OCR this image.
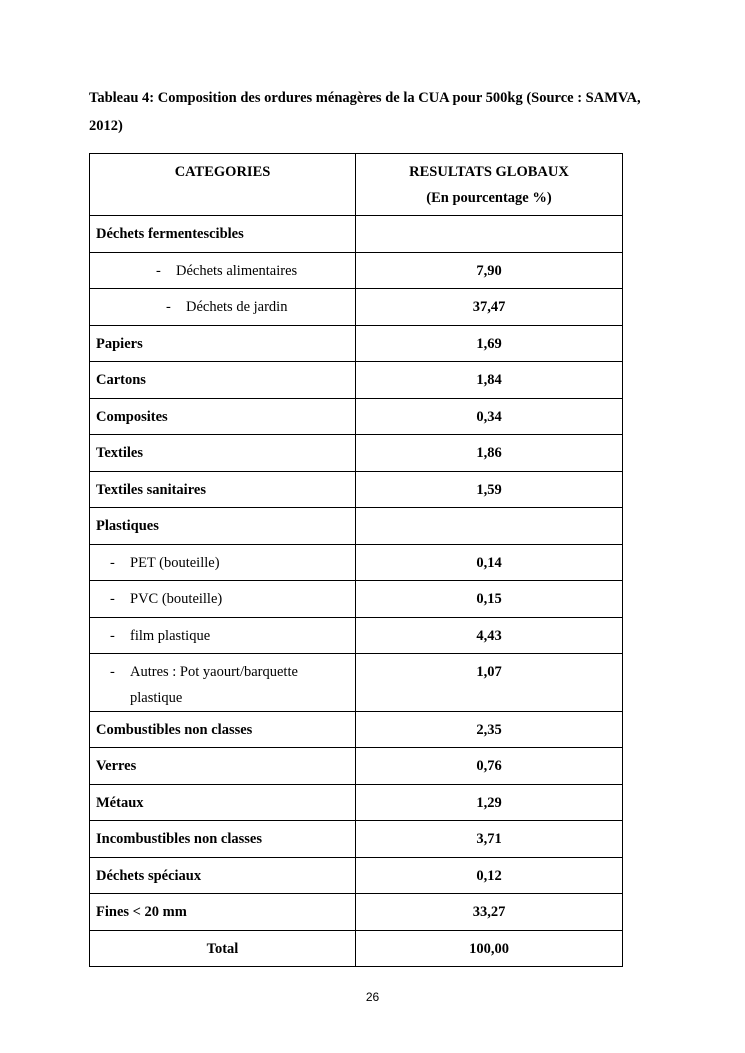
Tableau 4: Composition des ordures ménagères de la CUA pour 500kg (Source : SAMVA,
2012)
CATEGORIES	RESULTATS GLOBAUX
(En pourcentage %)

Déchets fermentescibles	

- Déchets alimentaires	7,90

- Déchets de jardin	37,47

Papiers	1,69

Cartons	1,84

Composites	0,34

Textiles	1,86

Textiles sanitaires	1,59

Plastiques	

- PET (bouteille)	0,14

- PVC (bouteille)	0,15

- film plastique	4,43

- Autres : Pot yaourt/barquette plastique	1,07

Combustibles non classes	2,35

Verres	0,76

Métaux	1,29

Incombustibles non classes	3,71

Déchets spéciaux	0,12

Fines < 20 mm	33,27

Total	100,00
26
